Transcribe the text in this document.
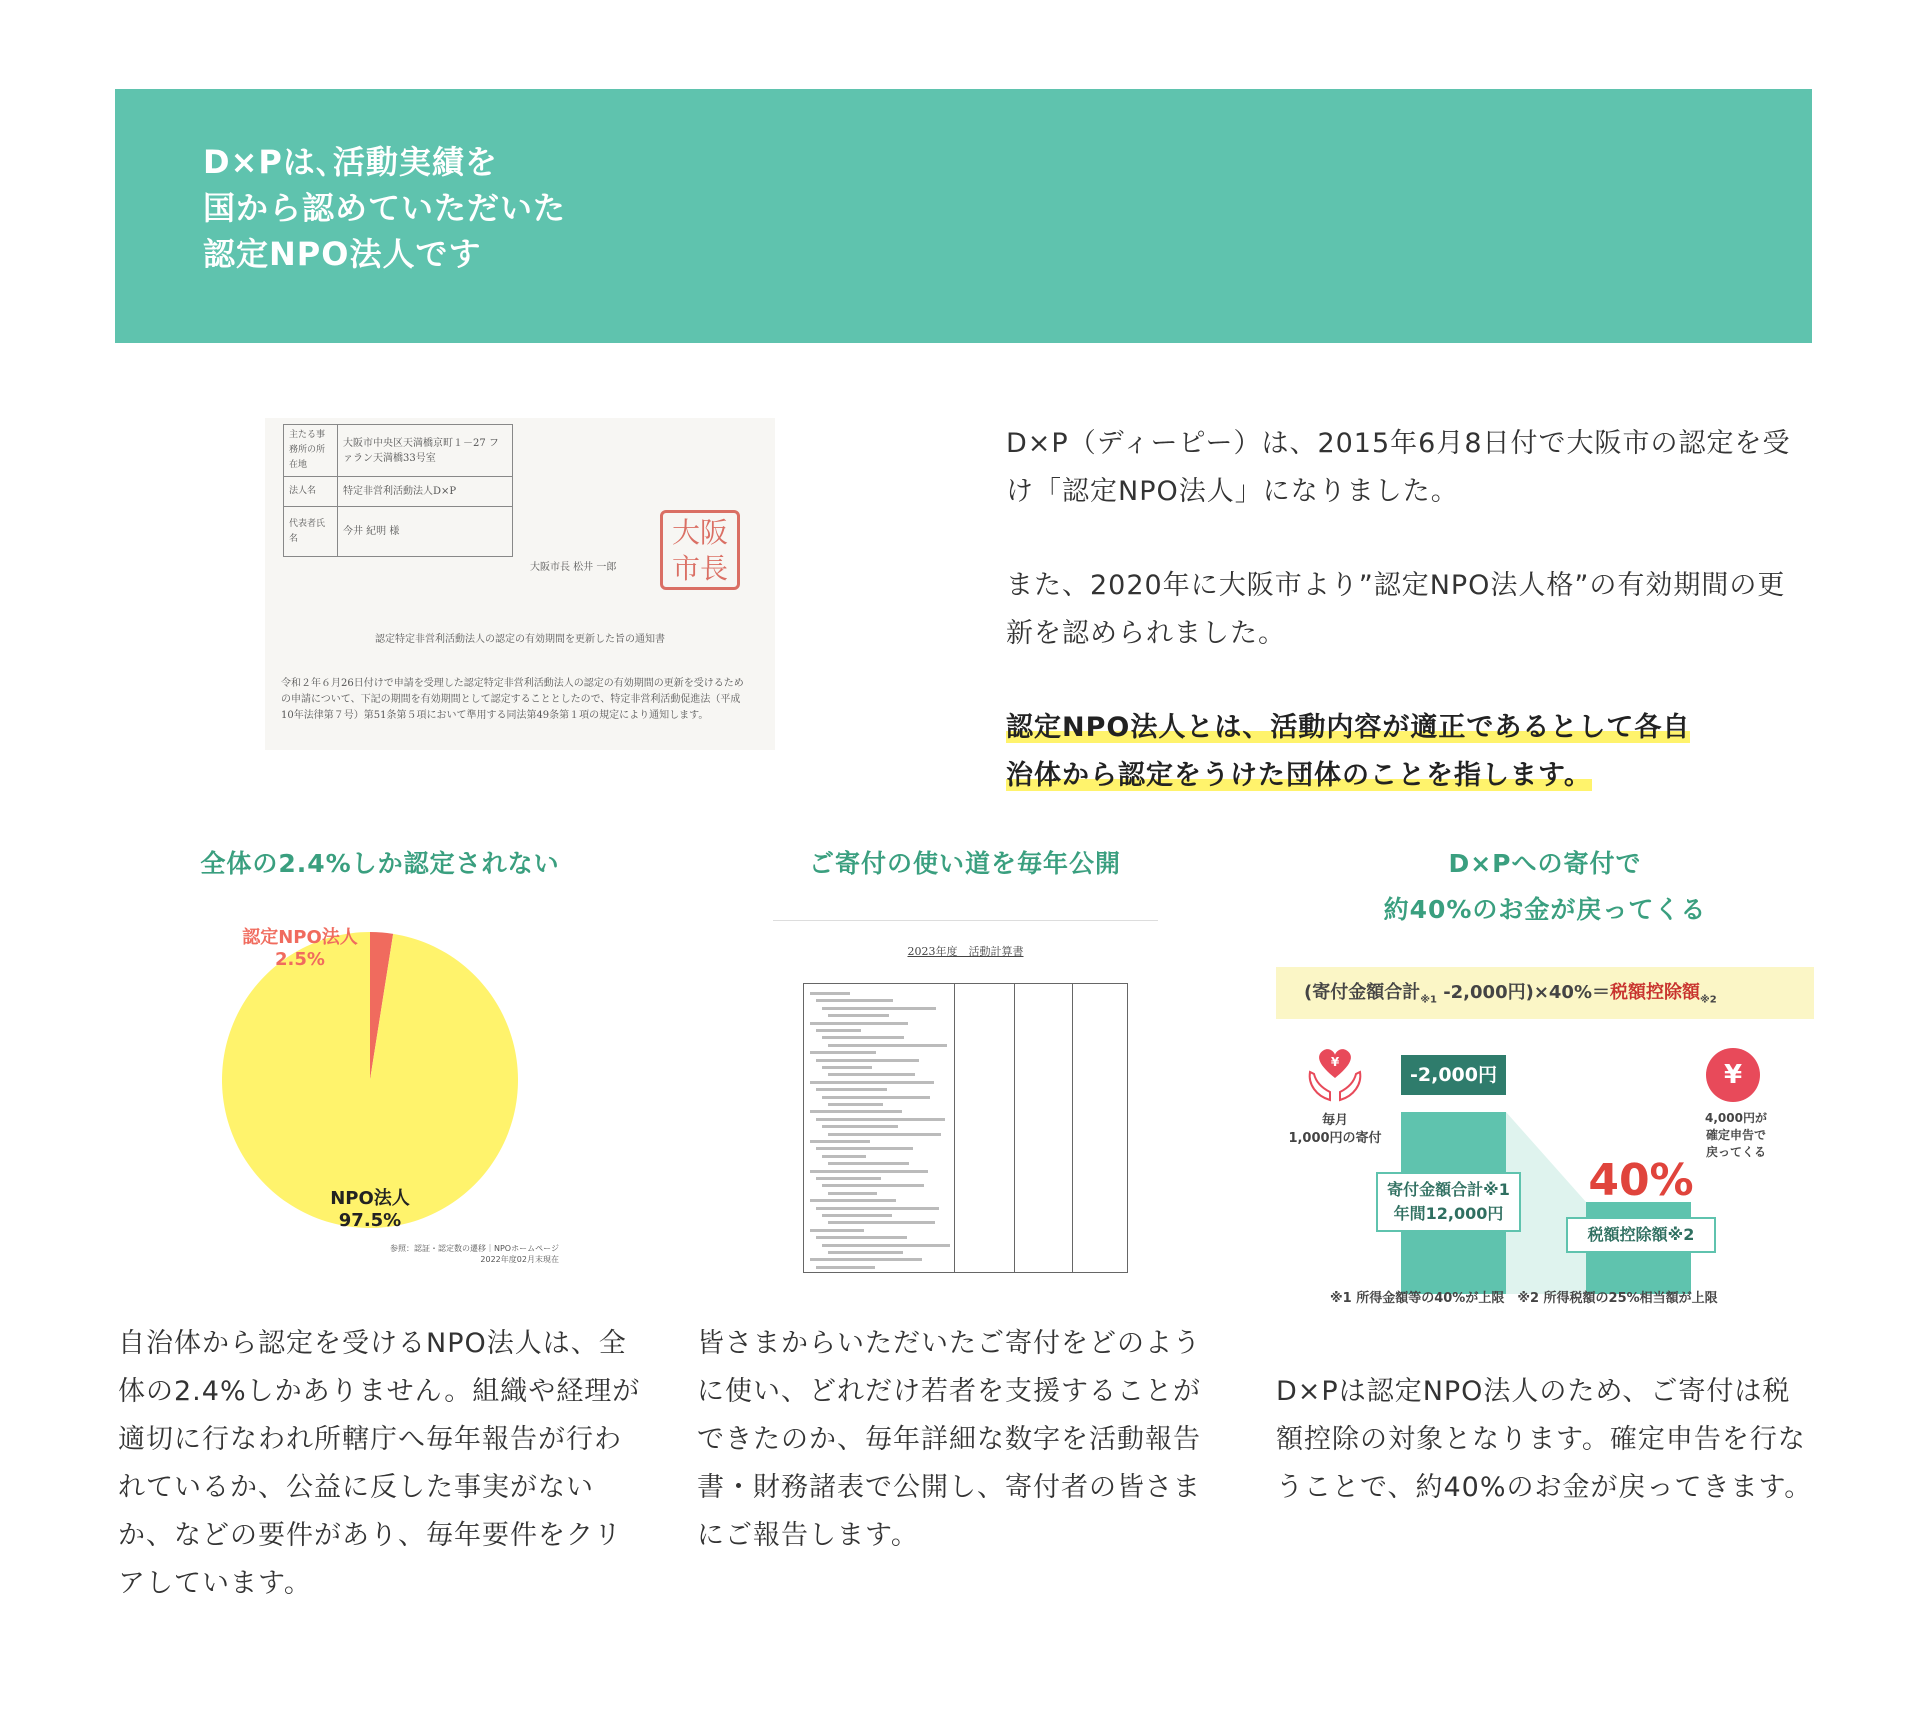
D×Pは､活動実績を
国から認めていただいた
認定NPO法人です
主たる事務所の所在地	大阪市中央区天満橋京町１－27 ファラン天満橋33号室
法人名	特定非営利活動法人D×P
代表者氏名	今井 紀明 様
大阪市長 松井 一郎
大阪
市長
認定特定非営利活動法人の認定の有効期間を更新した旨の通知書
令和２年６月26日付けで申請を受理した認定特定非営利活動法人の認定の有効期間の更新を受けるための申請について、下記の期間を有効期間として認定することとしたので、特定非営利活動促進法（平成10年法律第７号）第51条第５項において準用する同法第49条第１項の規定により通知します。

D×P（ディーピー）は、2015年6月8日付で大阪市の認定を受け「認定NPO法人」になりました。

また、2020年に大阪市より”認定NPO法人格”の有効期間の更新を認められました。

認定NPO法人とは、活動内容が適正であるとして各自
治体から認定をうけた団体のことを指します。

全体の2.4%しか認定されない
認定NPO法人
2.5%
NPO法人
97.5%
参照：認証・認定数の遷移｜NPOホームページ
2022年度02月末現在
自治体から認定を受けるNPO法人は、全体の2.4%しかありません。組織や経理が適切に行なわれ所轄庁へ毎年報告が行われているか、公益に反した事実がないか、などの要件があり、毎年要件をクリアしています。
ご寄付の使い道を毎年公開
2023年度　活動計算書
皆さまからいただいたご寄付をどのように使い、どれだけ若者を支援することができたのか、毎年詳細な数字を活動報告書・財務諸表で公開し、寄付者の皆さまにご報告します。
D×Pへの寄付で
約40%のお金が戻ってくる
(寄付金額合計$_{※1}$ -2,000円)×40%＝税額控除額$_{※2}$
¥
毎月
1,000円の寄付
-2,000円
寄付金額合計※1
年間12,000円
40%
税額控除額※2
¥
4,000円が
確定申告で
戻ってくる
※1 所得金額等の40%が上限　※2 所得税額の25%相当額が上限
D×Pは認定NPO法人のため、ご寄付は税額控除の対象となります。確定申告を行なうことで、約40%のお金が戻ってきます。
